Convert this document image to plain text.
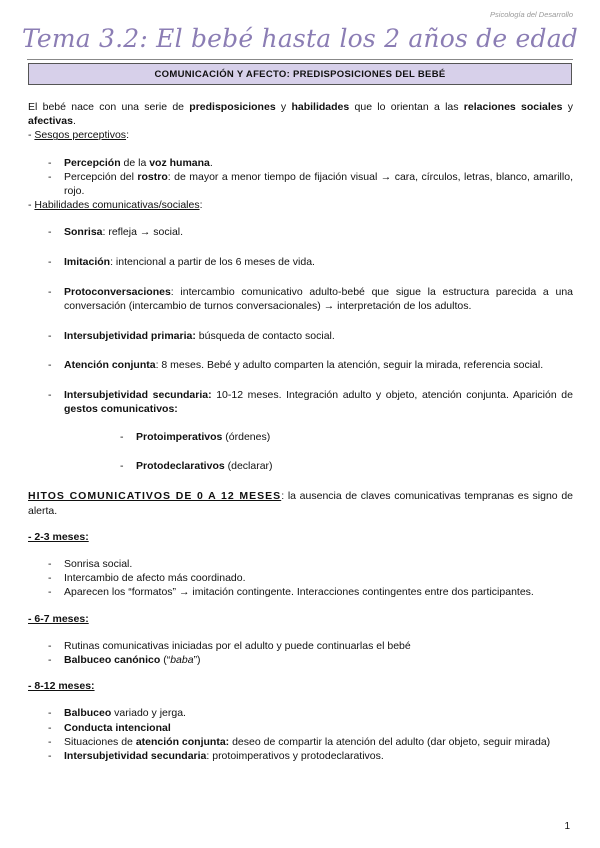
Psicología del Desarrollo
Tema 3.2: El bebé hasta los 2 años de edad
COMUNICACIÓN Y AFECTO: PREDISPOSICIONES DEL BEBÉ

El bebé nace con una serie de predisposiciones y habilidades que lo orientan a las relaciones sociales y afectivas.

- Sesgos perceptivos:

- Percepción de la voz humana.
- Percepción del rostro: de mayor a menor tiempo de fijación visual → cara, círculos, letras, blanco, amarillo, rojo.

- Habilidades comunicativas/sociales:

- Sonrisa: refleja → social.
- Imitación: intencional a partir de los 6 meses de vida.
- Protoconversaciones: intercambio comunicativo adulto-bebé que sigue la estructura parecida a una conversación (intercambio de turnos conversacionales) → interpretación de los adultos.
- Intersubjetividad primaria: búsqueda de contacto social.
- Atención conjunta: 8 meses. Bebé y adulto comparten la atención, seguir la mirada, referencia social.
- Intersubjetividad secundaria: 10-12 meses. Integración adulto y objeto, atención conjunta. Aparición de gestos comunicativos:
- Protoimperativos (órdenes)
- Protodeclarativos (declarar)

HITOS COMUNICATIVOS DE 0 A 12 MESES: la ausencia de claves comunicativas tempranas es signo de alerta.

- 2-3 meses:

- Sonrisa social.
- Intercambio de afecto más coordinado.
- Aparecen los “formatos” → imitación contingente. Interacciones contingentes entre dos participantes.

- 6-7 meses:

- Rutinas comunicativas iniciadas por el adulto y puede continuarlas el bebé
- Balbuceo canónico (“baba”)

- 8-12 meses:

- Balbuceo variado y jerga.
- Conducta intencional
- Situaciones de atención conjunta: deseo de compartir la atención del adulto (dar objeto, seguir mirada)
- Intersubjetividad secundaria: protoimperativos y protodeclarativos.
1
